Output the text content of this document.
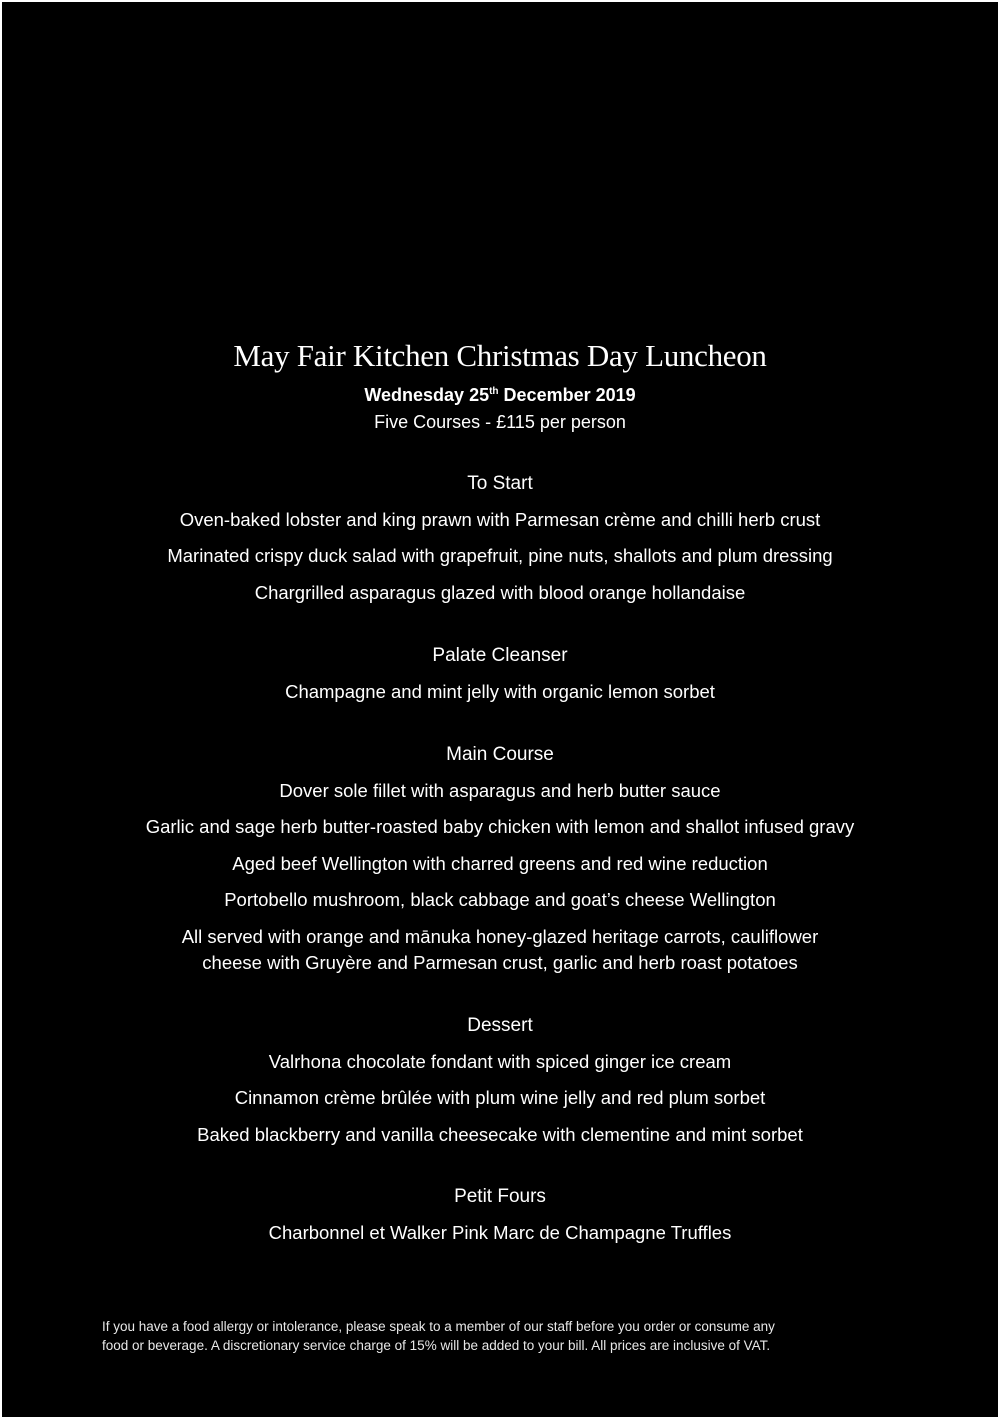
May Fair Kitchen Christmas Day Luncheon
Wednesday 25th December 2019
Five Courses - £115 per person
To Start
Oven-baked lobster and king prawn with Parmesan crème and chilli herb crust
Marinated crispy duck salad with grapefruit, pine nuts, shallots and plum dressing
Chargrilled asparagus glazed with blood orange hollandaise
Palate Cleanser
Champagne and mint jelly with organic lemon sorbet
Main Course
Dover sole fillet with asparagus and herb butter sauce
Garlic and sage herb butter-roasted baby chicken with lemon and shallot infused gravy
Aged beef Wellington with charred greens and red wine reduction
Portobello mushroom, black cabbage and goat’s cheese Wellington
All served with orange and mānuka honey-glazed heritage carrots, cauliflower
cheese with Gruyère and Parmesan crust, garlic and herb roast potatoes
Dessert
Valrhona chocolate fondant with spiced ginger ice cream
Cinnamon crème brûlée with plum wine jelly and red plum sorbet
Baked blackberry and vanilla cheesecake with clementine and mint sorbet
Petit Fours
Charbonnel et Walker Pink Marc de Champagne Truffles
If you have a food allergy or intolerance, please speak to a member of our staff before you order or consume any
food or beverage. A discretionary service charge of 15% will be added to your bill. All prices are inclusive of VAT.
